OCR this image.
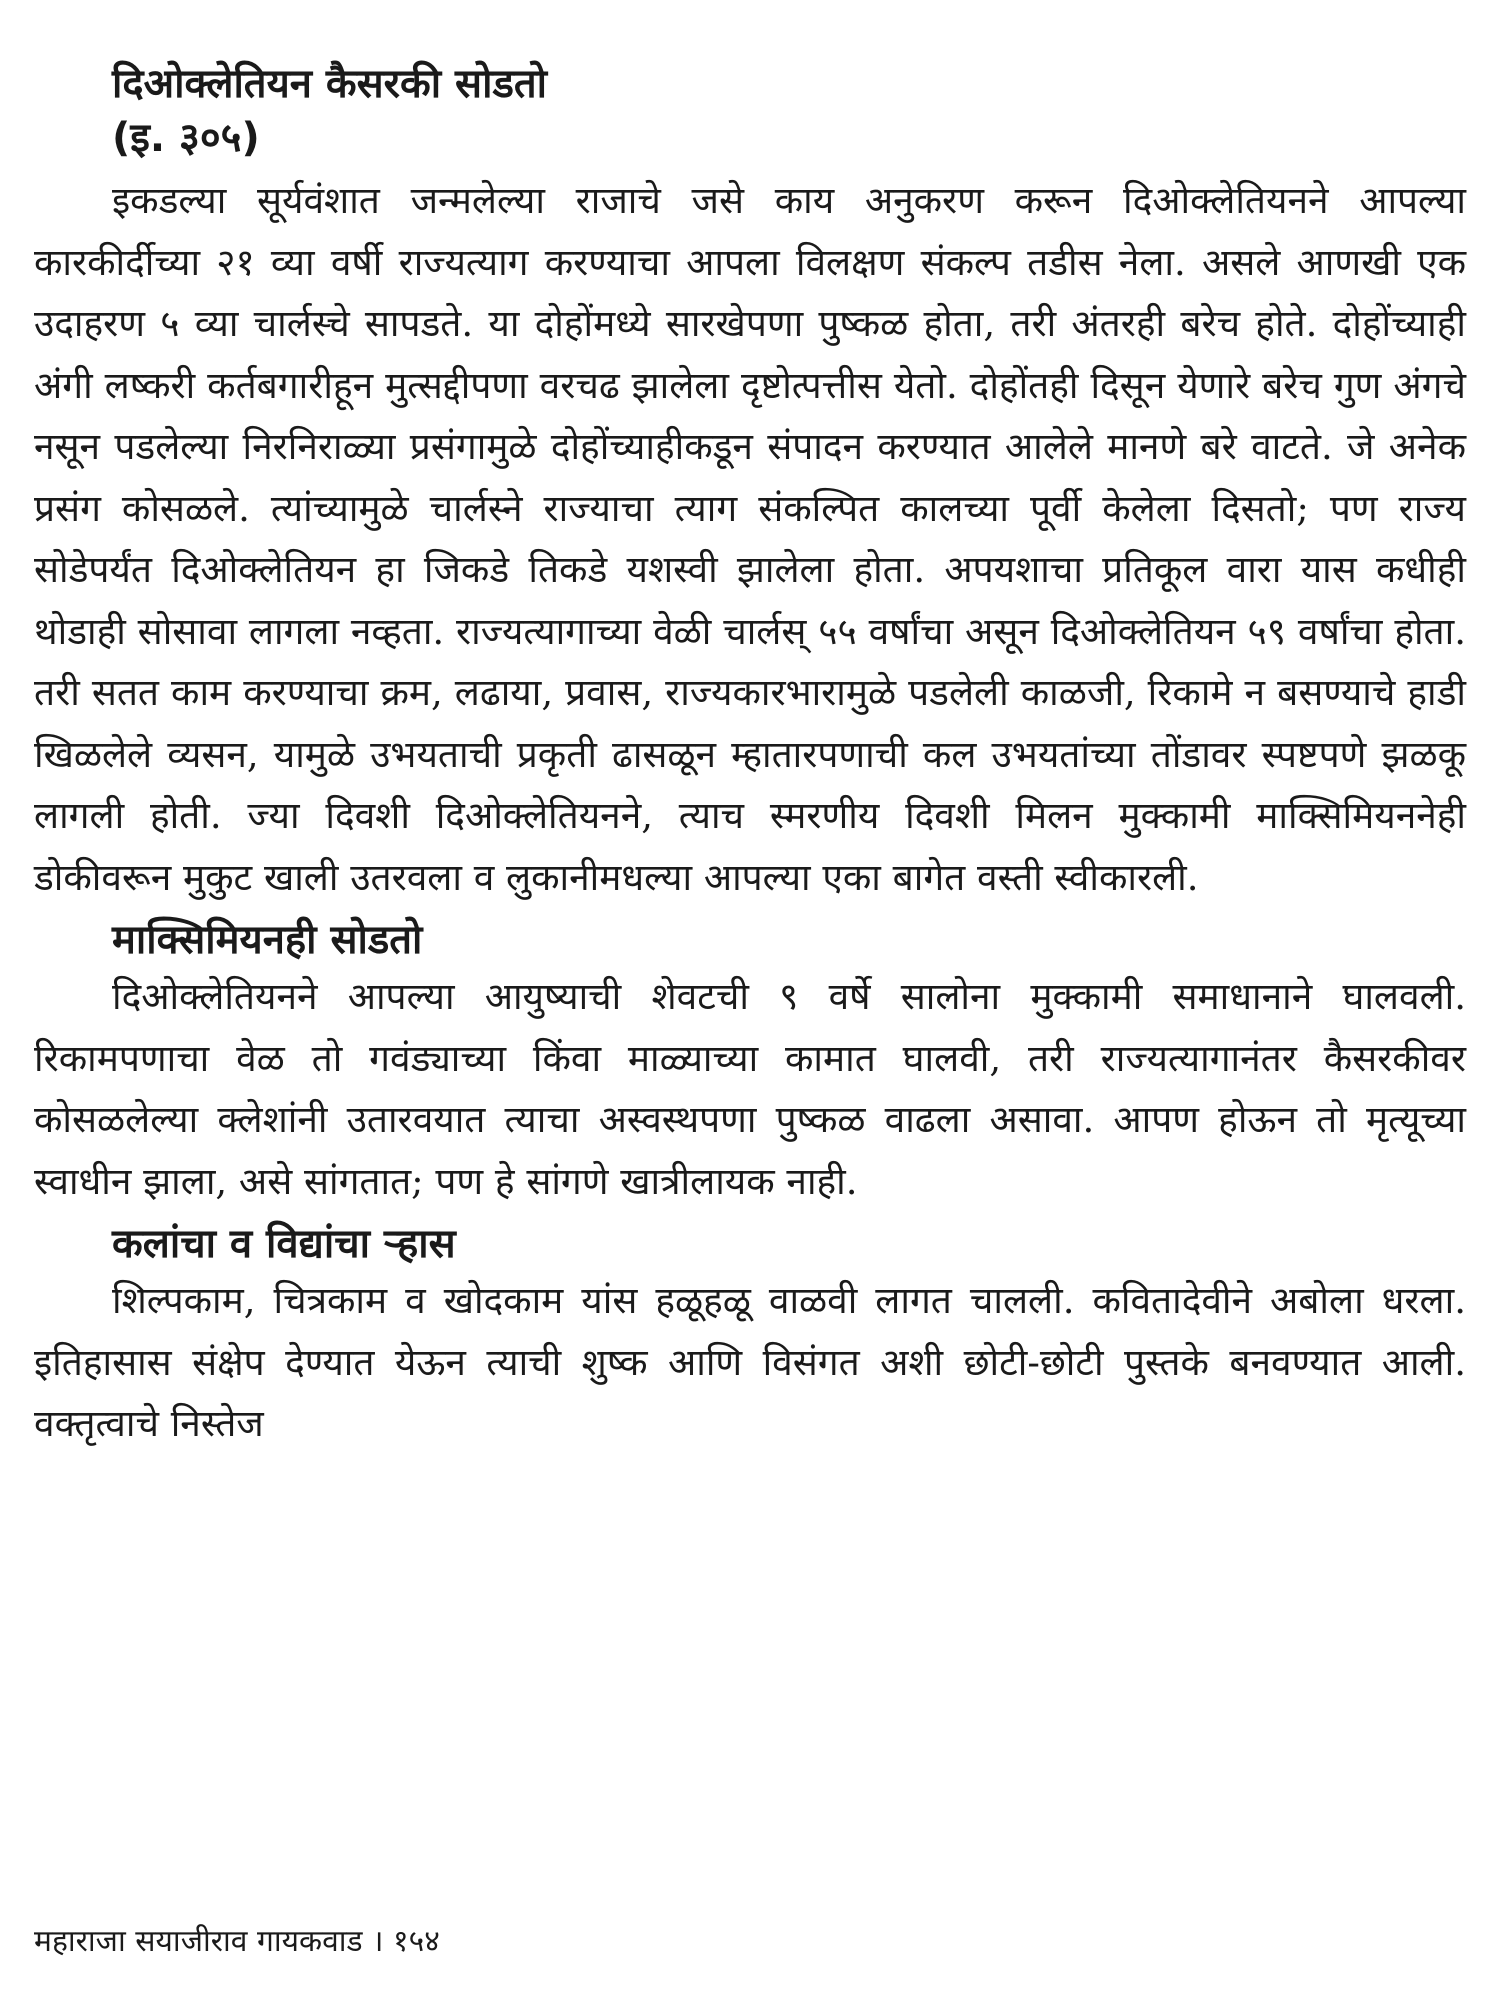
दिओक्लेतियन कैसरकी सोडतो
(इ. ३०५)

इकडल्या सूर्यवंशात जन्मलेल्या राजाचे जसे काय अनुकरण करून दिओक्लेतियनने आपल्या कारकीर्दीच्या २१ व्या वर्षी राज्यत्याग करण्याचा आपला विलक्षण संकल्प तडीस नेला. असले आणखी एक उदाहरण ५ व्या चार्लस्चे सापडते. या दोहोंमध्ये सारखेपणा पुष्कळ होता, तरी अंतरही बरेच होते. दोहोंच्याही अंगी लष्करी कर्तबगारीहून मुत्सद्दीपणा वरचढ झालेला दृष्टोत्पत्तीस येतो. दोहोंतही दिसून येणारे बरेच गुण अंगचे नसून पडलेल्या निरनिराळ्या प्रसंगामुळे दोहोंच्याहीकडून संपादन करण्यात आलेले मानणे बरे वाटते. जे अनेक प्रसंग कोसळले. त्यांच्यामुळे चार्लस्ने राज्याचा त्याग संकल्पित कालच्या पूर्वी केलेला दिसतो; पण राज्य सोडेपर्यंत दिओक्लेतियन हा जिकडे तिकडे यशस्वी झालेला होता. अपयशाचा प्रतिकूल वारा यास कधीही थोडाही सोसावा लागला नव्हता. राज्यत्यागाच्या वेळी चार्लस् ५५ वर्षांचा असून दिओक्लेतियन ५९ वर्षांचा होता. तरी सतत काम करण्याचा क्रम, लढाया, प्रवास, राज्यकारभारामुळे पडलेली काळजी, रिकामे न बसण्याचे हाडी खिळलेले व्यसन, यामुळे उभयताची प्रकृती ढासळून म्हातारपणाची कल उभयतांच्या तोंडावर स्पष्टपणे झळकू लागली होती. ज्या दिवशी दिओक्लेतियनने, त्याच स्मरणीय दिवशी मिलन मुक्कामी माक्सिमियननेही डोकीवरून मुकुट खाली उतरवला व लुकानीमधल्या आपल्या एका बागेत वस्ती स्वीकारली.

माक्सिमियनही सोडतो

दिओक्लेतियनने आपल्या आयुष्याची शेवटची ९ वर्षे सालोना मुक्कामी समाधानाने घालवली. रिकामपणाचा वेळ तो गवंड्याच्या किंवा माळ्याच्या कामात घालवी, तरी राज्यत्यागानंतर कैसरकीवर कोसळलेल्या क्लेशांनी उतारवयात त्याचा अस्वस्थपणा पुष्कळ वाढला असावा. आपण होऊन तो मृत्यूच्या स्वाधीन झाला, असे सांगतात; पण हे सांगणे खात्रीलायक नाही.

कलांचा व विद्यांचा ऱ्हास

शिल्पकाम, चित्रकाम व खोदकाम यांस हळूहळू वाळवी लागत चालली. कवितादेवीने अबोला धरला. इतिहासास संक्षेप देण्यात येऊन त्याची शुष्क आणि विसंगत अशी छोटी-छोटी पुस्तके बनवण्यात आली. वक्तृत्वाचे निस्तेज

महाराजा सयाजीराव गायकवाड । १५४
